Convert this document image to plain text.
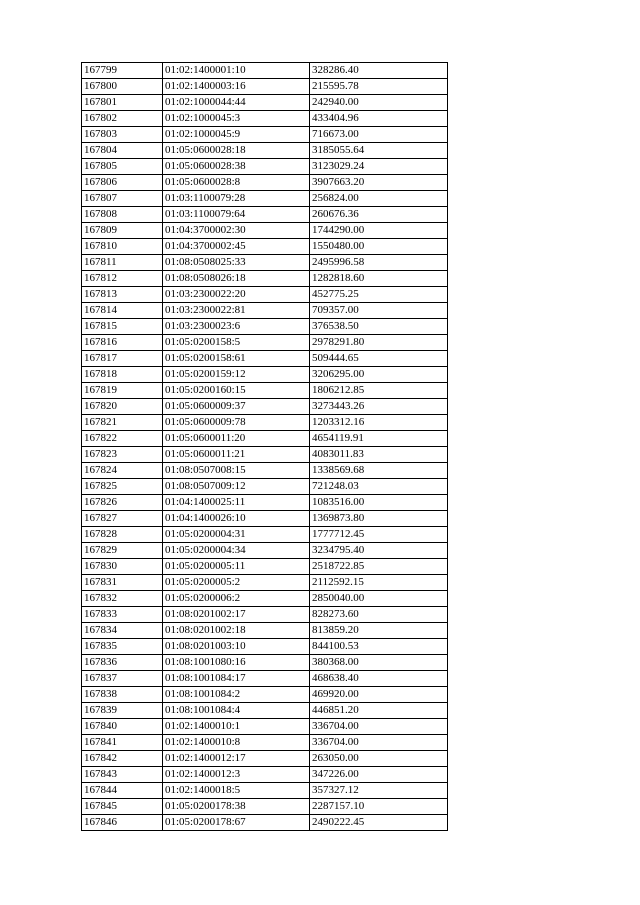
167799	01:02:1400001:10	328286.40
167800	01:02:1400003:16	215595.78
167801	01:02:1000044:44	242940.00
167802	01:02:1000045:3	433404.96
167803	01:02:1000045:9	716673.00
167804	01:05:0600028:18	3185055.64
167805	01:05:0600028:38	3123029.24
167806	01:05:0600028:8	3907663.20
167807	01:03:1100079:28	256824.00
167808	01:03:1100079:64	260676.36
167809	01:04:3700002:30	1744290.00
167810	01:04:3700002:45	1550480.00
167811	01:08:0508025:33	2495996.58
167812	01:08:0508026:18	1282818.60
167813	01:03:2300022:20	452775.25
167814	01:03:2300022:81	709357.00
167815	01:03:2300023:6	376538.50
167816	01:05:0200158:5	2978291.80
167817	01:05:0200158:61	509444.65
167818	01:05:0200159:12	3206295.00
167819	01:05:0200160:15	1806212.85
167820	01:05:0600009:37	3273443.26
167821	01:05:0600009:78	1203312.16
167822	01:05:0600011:20	4654119.91
167823	01:05:0600011:21	4083011.83
167824	01:08:0507008:15	1338569.68
167825	01:08:0507009:12	721248.03
167826	01:04:1400025:11	1083516.00
167827	01:04:1400026:10	1369873.80
167828	01:05:0200004:31	1777712.45
167829	01:05:0200004:34	3234795.40
167830	01:05:0200005:11	2518722.85
167831	01:05:0200005:2	2112592.15
167832	01:05:0200006:2	2850040.00
167833	01:08:0201002:17	828273.60
167834	01:08:0201002:18	813859.20
167835	01:08:0201003:10	844100.53
167836	01:08:1001080:16	380368.00
167837	01:08:1001084:17	468638.40
167838	01:08:1001084:2	469920.00
167839	01:08:1001084:4	446851.20
167840	01:02:1400010:1	336704.00
167841	01:02:1400010:8	336704.00
167842	01:02:1400012:17	263050.00
167843	01:02:1400012:3	347226.00
167844	01:02:1400018:5	357327.12
167845	01:05:0200178:38	2287157.10
167846	01:05:0200178:67	2490222.45
